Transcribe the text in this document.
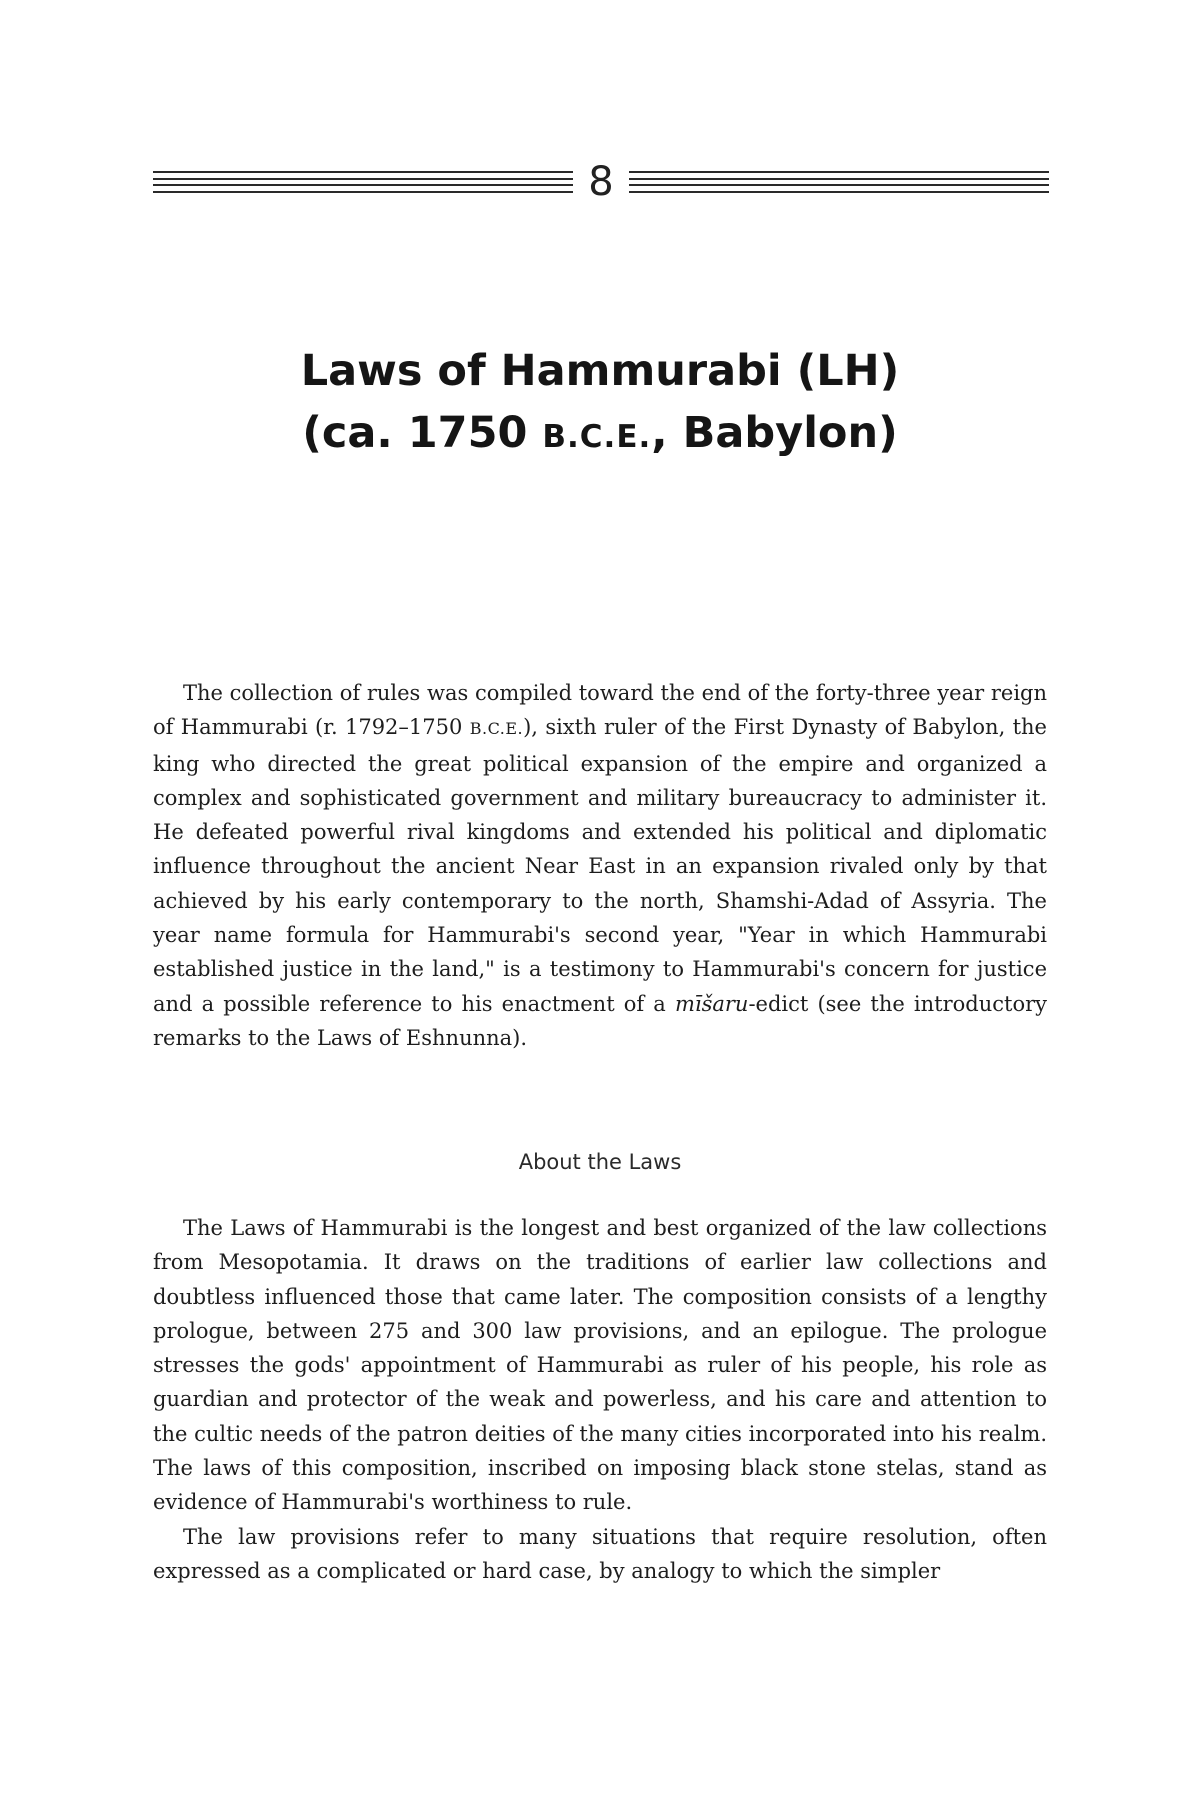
8
Laws of Hammurabi (LH)
(ca. 1750 B.C.E., Babylon)

The collection of rules was compiled toward the end of the forty-three year reign of Hammurabi (r. 1792–1750 B.C.E.), sixth ruler of the First Dynasty of Babylon, the king who directed the great political expansion of the empire and organized a complex and sophisticated government and military bureaucracy to administer it. He defeated powerful rival kingdoms and extended his political and diplomatic influence throughout the ancient Near East in an expansion rivaled only by that achieved by his early contemporary to the north, Shamshi-Adad of Assyria. The year name formula for Hammurabi's second year, "Year in which Hammurabi established justice in the land," is a testimony to Hammurabi's concern for justice and a possible reference to his enactment of a mīšaru-edict (see the introductory remarks to the Laws of Eshnunna).

About the Laws

The Laws of Hammurabi is the longest and best organized of the law collections from Mesopotamia. It draws on the traditions of earlier law collections and doubtless influenced those that came later. The composition consists of a lengthy prologue, between 275 and 300 law provisions, and an epilogue. The prologue stresses the gods' appointment of Hammurabi as ruler of his people, his role as guardian and protector of the weak and powerless, and his care and attention to the cultic needs of the patron deities of the many cities incorporated into his realm. The laws of this composition, inscribed on imposing black stone stelas, stand as evidence of Hammurabi's worthiness to rule.

The law provisions refer to many situations that require resolution, often expressed as a complicated or hard case, by analogy to which the simpler
